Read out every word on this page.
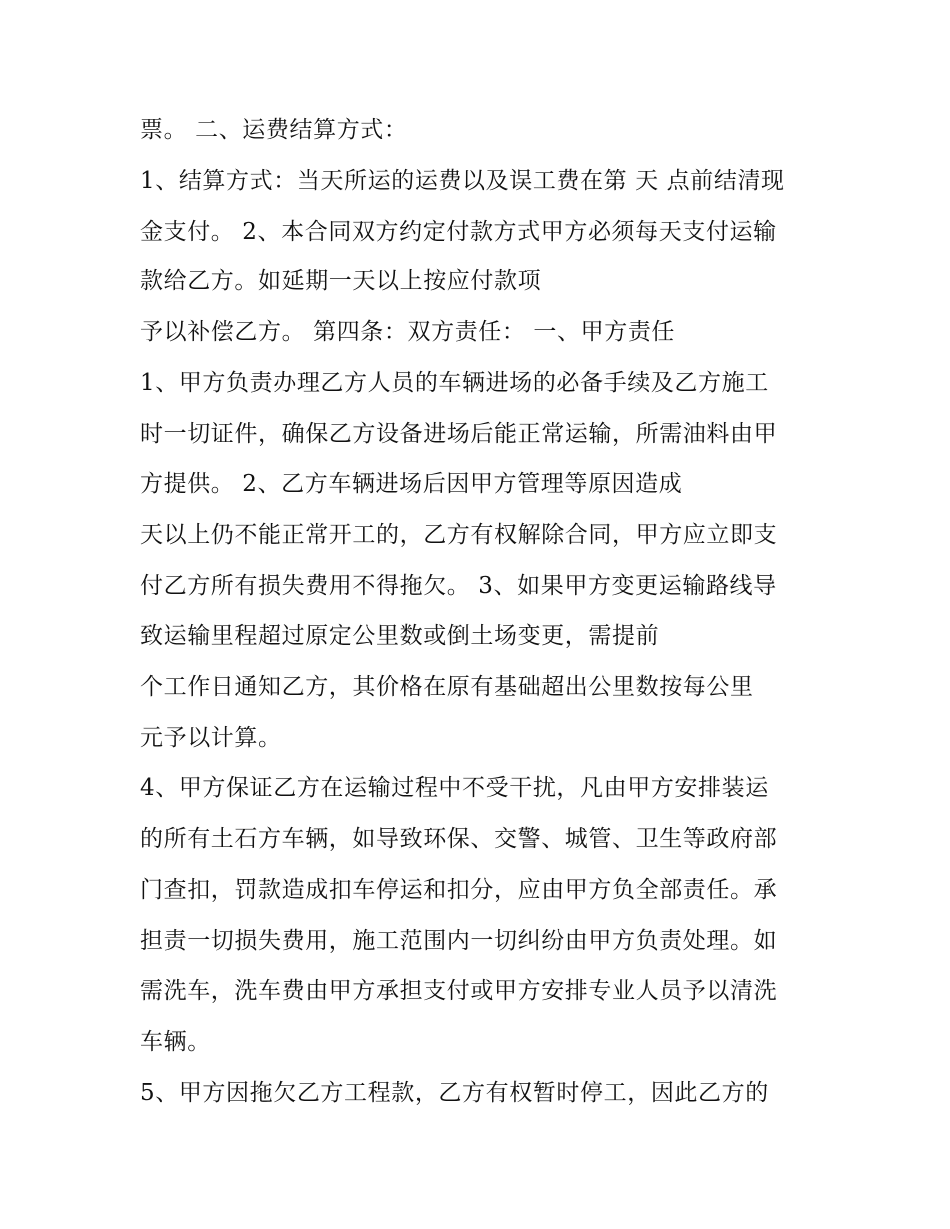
票。 二、运费结算方式：

1、结算方式：当天所运的运费以及误工费在第 天 点前结清现

金支付。 2、本合同双方约定付款方式甲方必须每天支付运输

款给乙方。如延期一天以上按应付款项

予以补偿乙方。 第四条：双方责任： 一、甲方责任

1、甲方负责办理乙方人员的车辆进场的必备手续及乙方施工

时一切证件，确保乙方设备进场后能正常运输，所需油料由甲

方提供。 2、乙方车辆进场后因甲方管理等原因造成

天以上仍不能正常开工的，乙方有权解除合同，甲方应立即支

付乙方所有损失费用不得拖欠。 3、如果甲方变更运输路线导

致运输里程超过原定公里数或倒土场变更，需提前

个工作日通知乙方，其价格在原有基础超出公里数按每公里

元予以计算。

4、甲方保证乙方在运输过程中不受干扰，凡由甲方安排装运

的所有土石方车辆，如导致环保、交警、城管、卫生等政府部

门查扣，罚款造成扣车停运和扣分，应由甲方负全部责任。承

担责一切损失费用，施工范围内一切纠纷由甲方负责处理。如

需洗车，洗车费由甲方承担支付或甲方安排专业人员予以清洗

车辆。

5、甲方因拖欠乙方工程款，乙方有权暂时停工，因此乙方的
